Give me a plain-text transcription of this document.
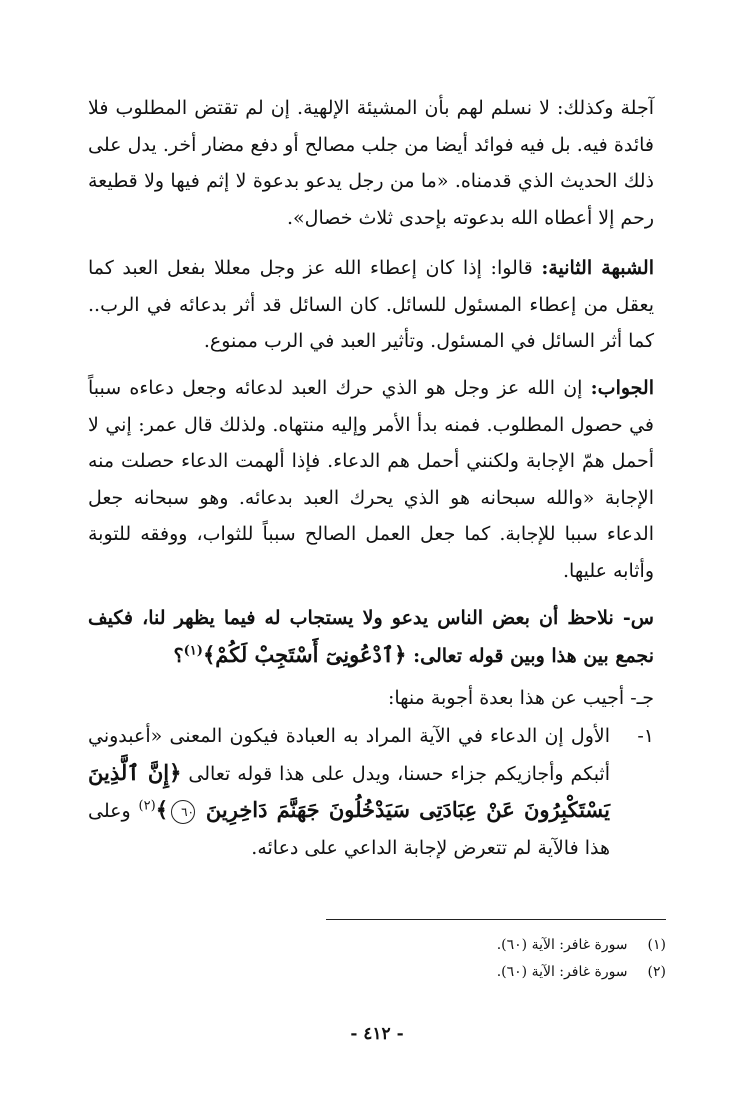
آجلة وكذلك: لا نسلم لهم بأن المشيئة الإلهية. إن لم تقتض المطلوب فلا فائدة فيه. بل فيه فوائد أيضا من جلب مصالح أو دفع مضار أخر. يدل على ذلك الحديث الذي قدمناه. «ما من رجل يدعو بدعوة لا إثم فيها ولا قطيعة رحم إلا أعطاه الله بدعوته بإحدى ثلاث خصال».
الشبهة الثانية: قالوا: إذا كان إعطاء الله عز وجل معللا بفعل العبد كما يعقل من إعطاء المسئول للسائل. كان السائل قد أثر بدعائه في الرب.. كما أثر السائل في المسئول. وتأثير العبد في الرب ممنوع.
الجواب: إن الله عز وجل هو الذي حرك العبد لدعائه وجعل دعاءه سبباً في حصول المطلوب. فمنه بدأ الأمر وإليه منتهاه. ولذلك قال عمر: إني لا أحمل همّ الإجابة ولكنني أحمل هم الدعاء. فإذا ألهمت الدعاء حصلت منه الإجابة «والله سبحانه هو الذي يحرك العبد بدعائه. وهو سبحانه جعل الدعاء سببا للإجابة. كما جعل العمل الصالح سبباً للثواب، ووفقه للتوبة وأثابه عليها.
س- نلاحظ أن بعض الناس يدعو ولا يستجاب له فيما يظهر لنا، فكيف نجمع بين هذا وبين قوله تعالى: ﴿ٱدْعُونِىٓ أَسْتَجِبْ لَكُمْ﴾$^{(١)}$؟
جـ- أجيب عن هذا بعدة أجوبة منها:
١-
الأول إن الدعاء في الآية المراد به العبادة فيكون المعنى «أعبدوني أثبكم وأجازيكم جزاء حسنا، ويدل على هذا قوله تعالى ﴿إِنَّ ٱلَّذِينَ يَسْتَكْبِرُونَ عَنْ عِبَادَتِى سَيَدْخُلُونَ جَهَنَّمَ دَاخِرِينَ ٦٠﴾$^{(٢)}$ وعلى هذا فالآية لم تتعرض لإجابة الداعي على دعائه.
(١) سورة غافر: الآية (٦٠).
(٢) سورة غافر: الآية (٦٠).
- ٤١٢ -
